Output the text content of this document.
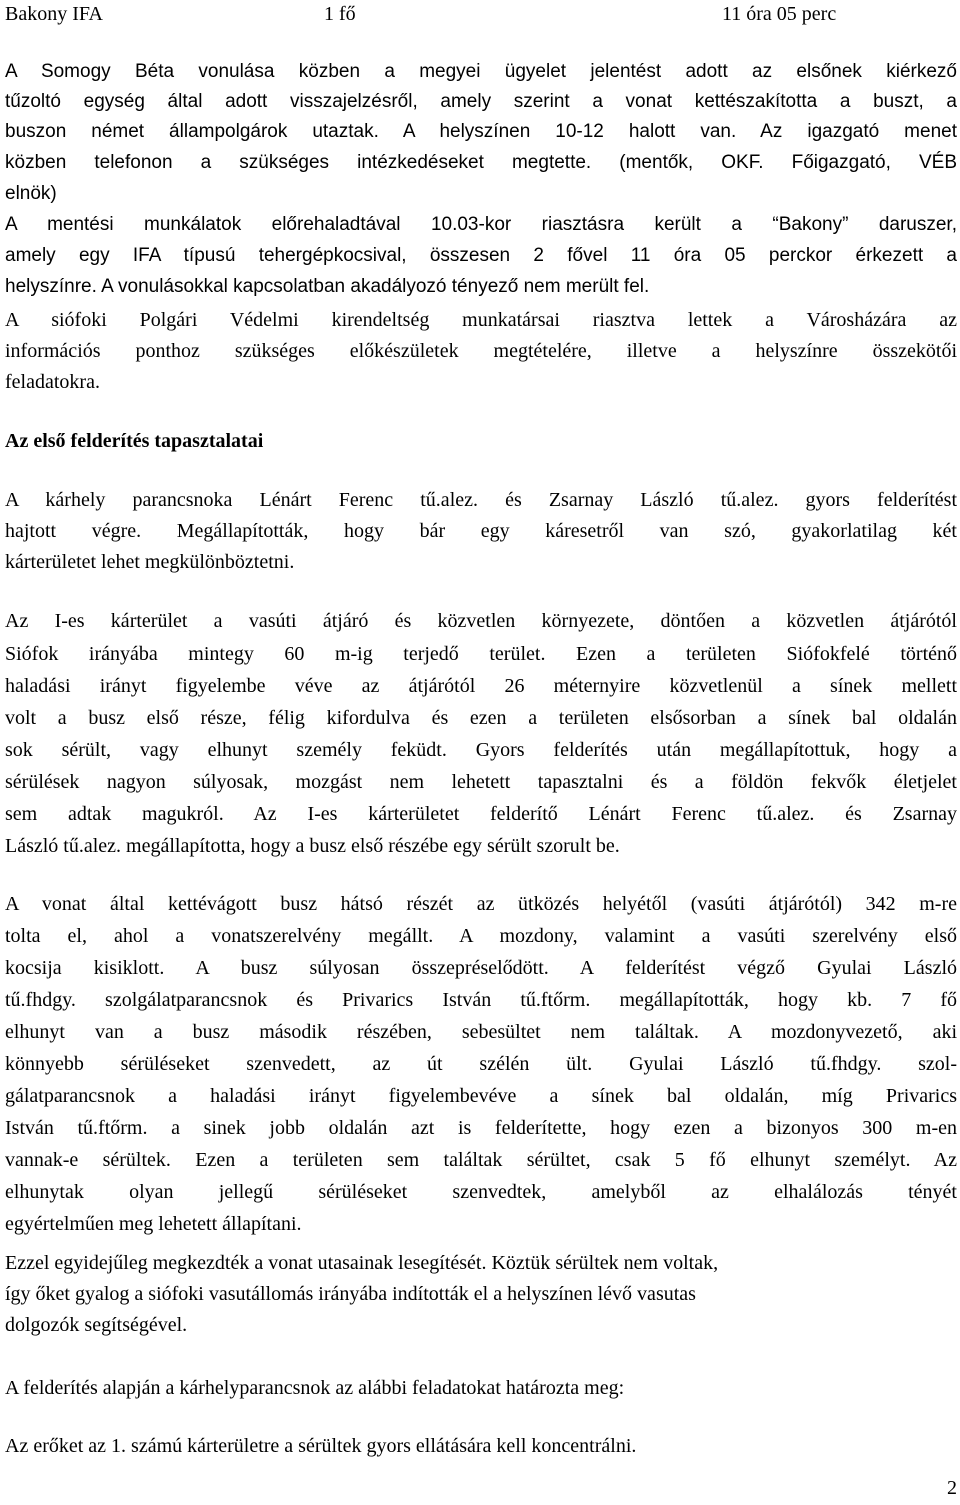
Bakony IFA	1 fő	11 óra 05 perc
A Somogy Béta vonulása közben a megyei ügyelet jelentést adott az elsőnek kiérkező
tűzoltó egység által adott visszajelzésről, amely szerint a vonat kettészakította a buszt, a
buszon német állampolgárok utaztak. A helyszínen 10-12 halott van. Az igazgató menet
közben telefonon a szükséges intézkedéseket megtette. (mentők, OKF. Főigazgató, VÉB
elnök)
A mentési munkálatok előrehaladtával 10.03-kor riasztásra került a “Bakony” daruszer,
amely egy IFA típusú tehergépkocsival, összesen 2 fővel 11 óra 05 perckor érkezett a
helyszínre. A vonulásokkal kapcsolatban akadályozó tényező nem merült fel.
A siófoki Polgári Védelmi kirendeltség munkatársai riasztva lettek a Városházára az
információs ponthoz szükséges előkészületek megtételére, illetve a helyszínre összekötői
feladatokra.
Az első felderítés tapasztalatai
A kárhely parancsnoka Lénárt Ferenc tű.alez. és Zsarnay László tű.alez. gyors felderítést
hajtott végre. Megállapították, hogy bár egy káresetről van szó, gyakorlatilag két
kárterületet lehet megkülönböztetni.
Az I-es kárterület a vasúti átjáró és közvetlen környezete, döntően a közvetlen átjárótól
Siófok irányába mintegy 60 m-ig terjedő terület. Ezen a területen Siófokfelé történő
haladási irányt figyelembe véve az átjárótól 26 méternyire közvetlenül a sínek mellett
volt a busz első része, félig kifordulva és ezen a területen elsősorban a sínek bal oldalán
sok sérült, vagy elhunyt személy feküdt. Gyors felderítés után megállapítottuk, hogy a
sérülések nagyon súlyosak, mozgást nem lehetett tapasztalni és a földön fekvők életjelet
sem adtak magukról. Az I-es kárterületet felderítő Lénárt Ferenc tű.alez. és Zsarnay
László tű.alez. megállapította, hogy a busz első részébe egy sérült szorult be.
A vonat által kettévágott busz hátsó részét az ütközés helyétől (vasúti átjárótól) 342 m-re
tolta el, ahol a vonatszerelvény megállt. A mozdony, valamint a vasúti szerelvény első
kocsija kisiklott. A busz súlyosan összepréselődött. A felderítést végző Gyulai László
tű.fhdgy. szolgálatparancsnok és Privarics István tű.ftőrm. megállapították, hogy kb. 7 fő
elhunyt van a busz második részében, sebesültet nem találtak. A mozdonyvezető, aki
könnyebb sérüléseket szenvedett, az út szélén ült. Gyulai László tű.fhdgy. szol-
gálatparancsnok a haladási irányt figyelembevéve a sínek bal oldalán, míg Privarics
István tű.ftőrm. a sinek jobb oldalán azt is felderítette, hogy ezen a bizonyos 300 m-en
vannak-e sérültek. Ezen a területen sem találtak sérültet, csak 5 fő elhunyt személyt. Az
elhunytak olyan jellegű sérüléseket szenvedtek, amelyből az elhalálozás tényét
egyértelműen meg lehetett állapítani.
Ezzel egyidejűleg megkezdték a vonat utasainak lesegítését. Köztük sérültek nem voltak,
így őket gyalog a siófoki vasutállomás irányába indították el a helyszínen lévő vasutas
dolgozók segítségével.
A felderítés alapján a kárhelyparancsnok az alábbi feladatokat határozta meg:
Az erőket az 1. számú kárterületre a sérültek gyors ellátására kell koncentrálni.
2
